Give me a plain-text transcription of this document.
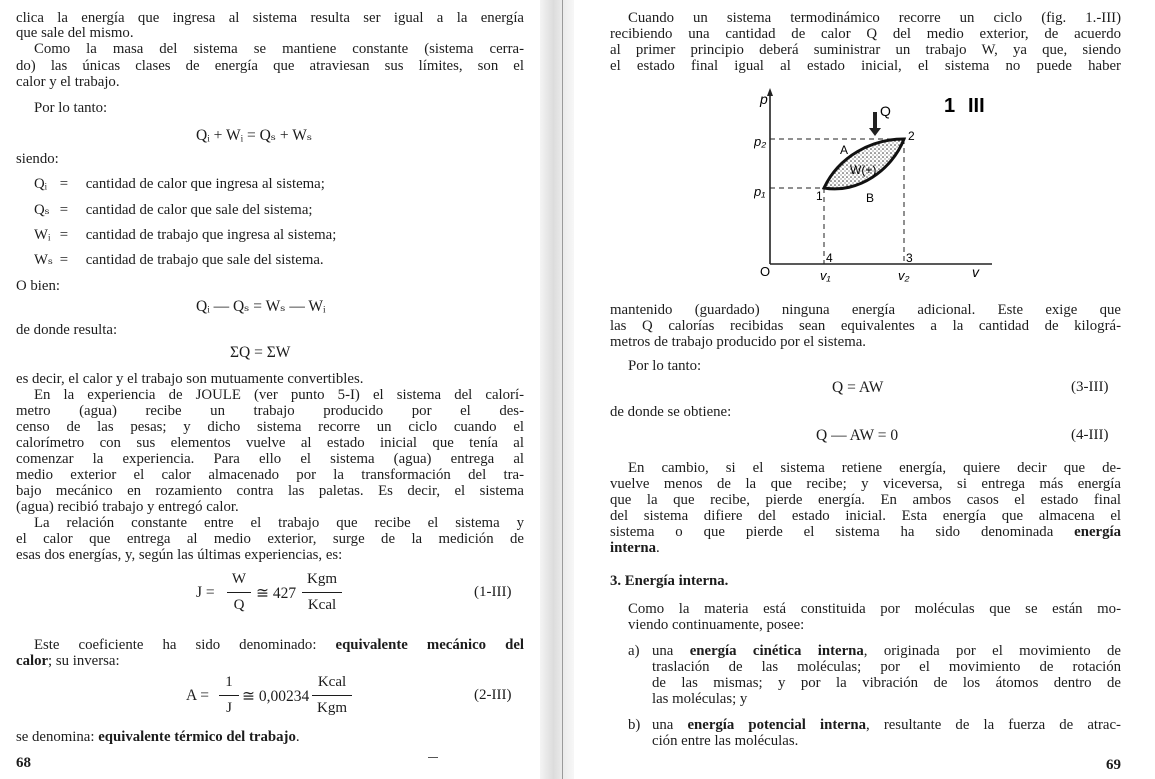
clica la energía que ingresa al sistema resulta ser igual a la energía
que sale del mismo.
Como la masa del sistema se mantiene constante (sistema cerra-
do) las únicas clases de energía que atraviesan sus límites, son el
calor y el trabajo.
Por lo tanto:
Qᵢ + Wᵢ = Qₛ + Wₛ
siendo:
Qᵢ = cantidad de calor que ingresa al sistema;
Qₛ = cantidad de calor que sale del sistema;
Wᵢ = cantidad de trabajo que ingresa al sistema;
Wₛ = cantidad de trabajo que sale del sistema.
O bien:
Qᵢ — Qₛ = Wₛ — Wᵢ
de donde resulta:
ΣQ = ΣW
es decir, el calor y el trabajo son mutuamente convertibles.
En la experiencia de JOULE (ver punto 5-I) el sistema del calorí-
metro (agua) recibe un trabajo producido por el des-
censo de las pesas; y dicho sistema recorre un ciclo cuando el
calorímetro con sus elementos vuelve al estado inicial que tenía al
comenzar la experiencia. Para ello el sistema (agua) entrega al
medio exterior el calor almacenado por la transformación del tra-
bajo mecánico en rozamiento contra las paletas. Es decir, el sistema
(agua) recibió trabajo y entregó calor.
La relación constante entre el trabajo que recibe el sistema y
el calor que entrega al medio exterior, surge de la medición de
esas dos energías, y, según las últimas experiencias, es:
J =
W
Q
≅ 427
Kgm
Kcal
(1-III)
Este coeficiente ha sido denominado: equivalente mecánico del
calor; su inversa:
A =
1
J
≅ 0,00234
Kcal
Kgm
(2-III)
se denomina: equivalente térmico del trabajo.
68
Cuando un sistema termodinámico recorre un ciclo (fig. 1.-III)
recibiendo una cantidad de calor Q del medio exterior, de acuerdo
al primer principio deberá suministrar un trabajo W, ya que, siendo
el estado final igual al estado inicial, el sistema no puede haber
p
p₂
p₁
Q	1 III
2
A
W(+)
1	B
4	3
O	v₁	v₂	v
mantenido (guardado) ninguna energía adicional. Este exige que
las Q calorías recibidas sean equivalentes a la cantidad de kilográ-
metros de trabajo producido por el sistema.
Por lo tanto:
Q = AW	(3-III)
de donde se obtiene:
Q — AW = 0	(4-III)
En cambio, si el sistema retiene energía, quiere decir que de-
vuelve menos de la que recibe; y viceversa, si entrega más energía
que la que recibe, pierde energía. En ambos casos el estado final
del sistema difiere del estado inicial. Esta energía que almacena el
sistema o que pierde el sistema ha sido denominada energía
interna.
3. Energía interna.
Como la materia está constituida por moléculas que se están mo-
viendo continuamente, posee:
a) una energía cinética interna, originada por el movimiento de
traslación de las moléculas; por el movimiento de rotación
de las mismas; y por la vibración de los átomos dentro de
las moléculas; y
b) una energía potencial interna, resultante de la fuerza de atrac-
ción entre las moléculas.
69
